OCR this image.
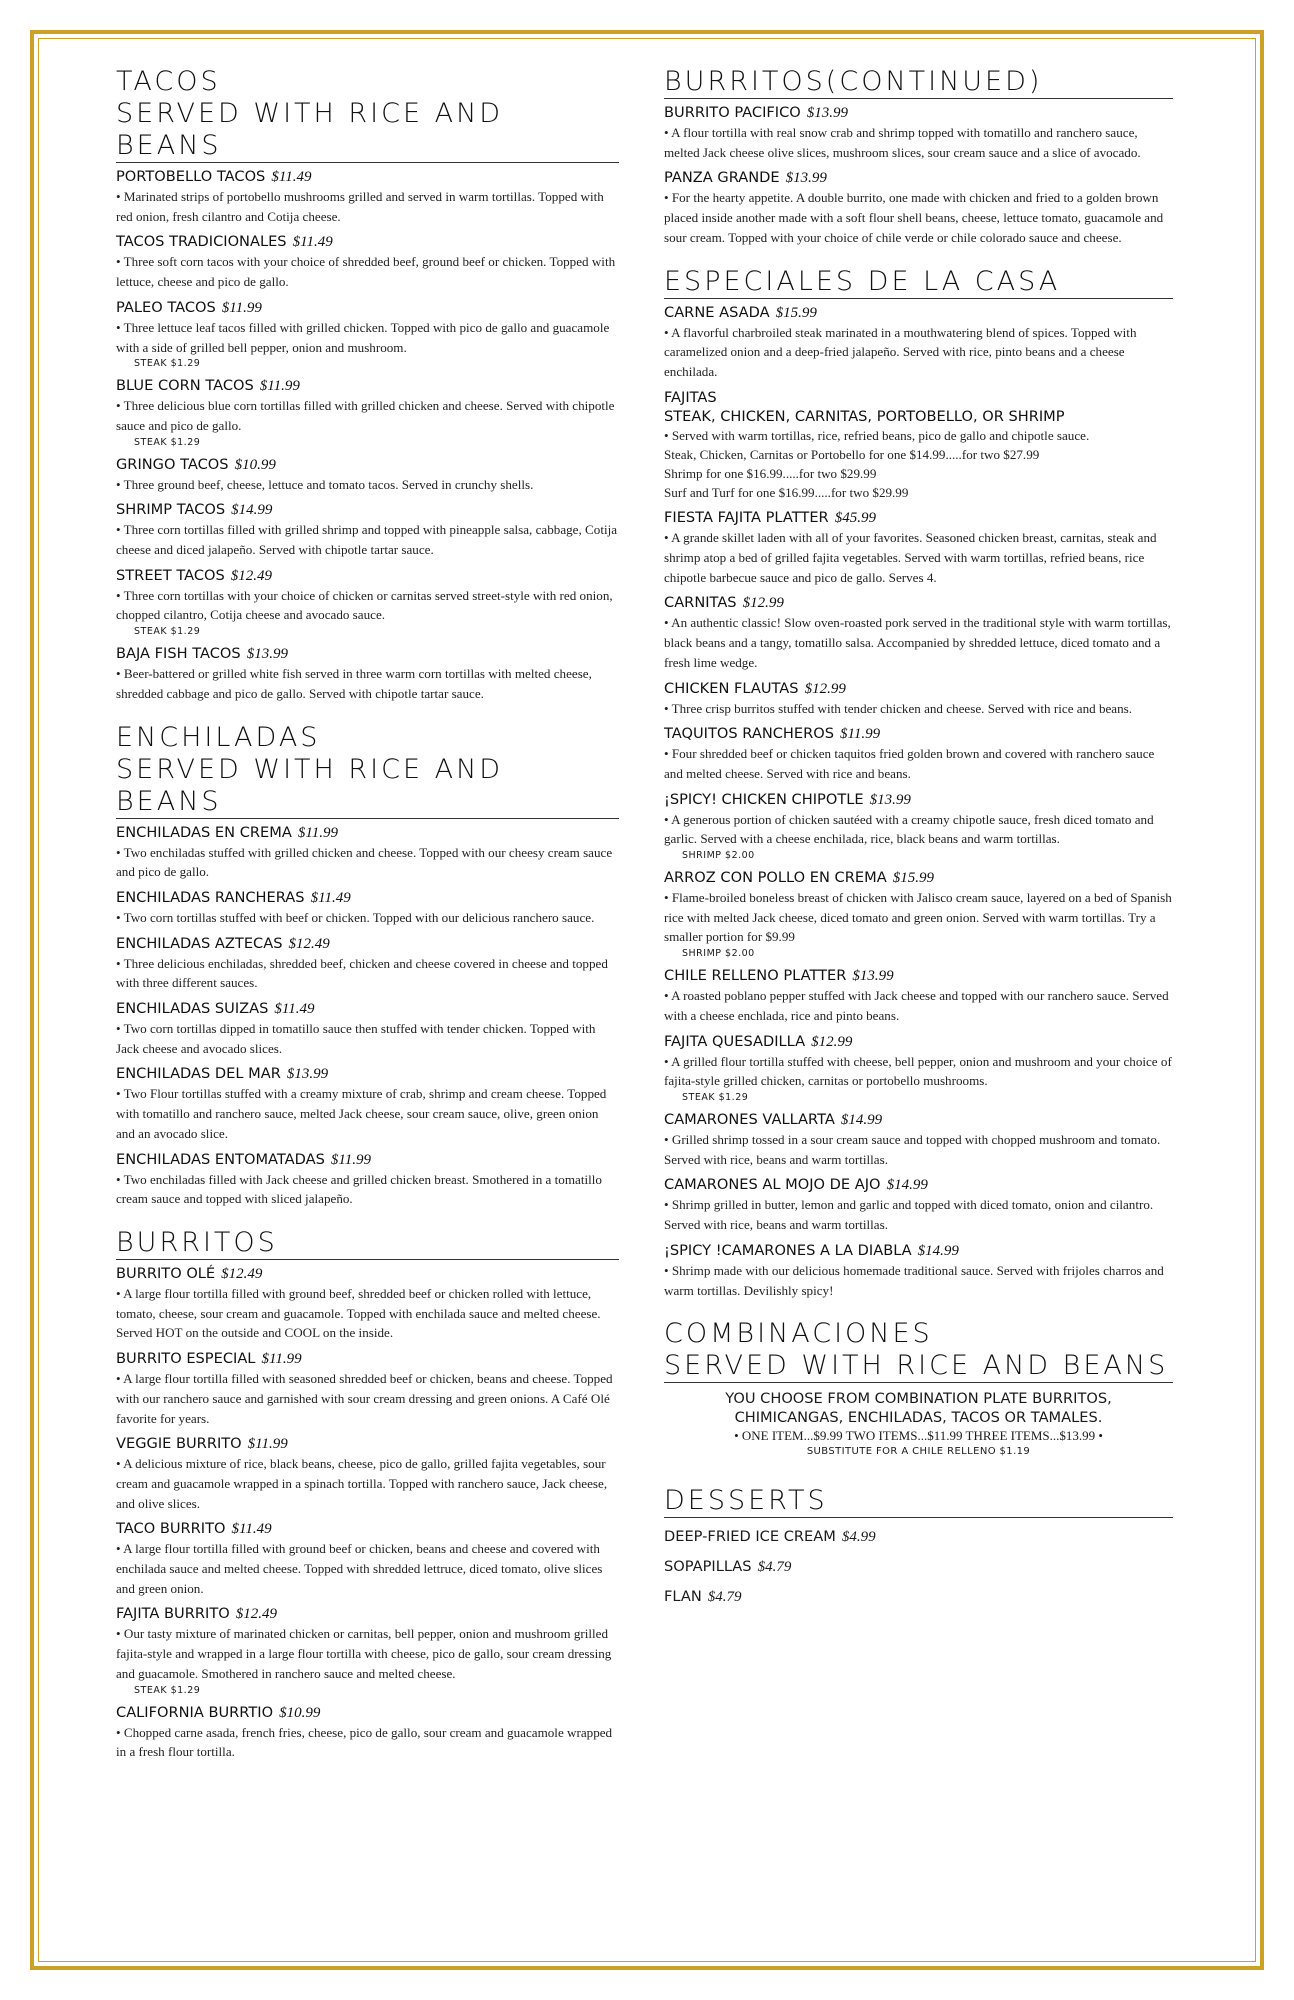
TACOS
SERVED WITH RICE AND BEANS
PORTOBELLO TACOS $11.49
• Marinated strips of portobello mushrooms grilled and served in warm tortillas. Topped with red onion, fresh cilantro and Cotija cheese.
TACOS TRADICIONALES $11.49
• Three soft corn tacos with your choice of shredded beef, ground beef or chicken. Topped with lettuce, cheese and pico de gallo.
PALEO TACOS $11.99
• Three lettuce leaf tacos filled with grilled chicken. Topped with pico de gallo and guacamole with a side of grilled bell pepper, onion and mushroom.
STEAK $1.29
BLUE CORN TACOS $11.99
• Three delicious blue corn tortillas filled with grilled chicken and cheese. Served with chipotle sauce and pico de gallo.
STEAK $1.29
GRINGO TACOS $10.99
• Three ground beef, cheese, lettuce and tomato tacos. Served in crunchy shells.
SHRIMP TACOS $14.99
• Three corn tortillas filled with grilled shrimp and topped with pineapple salsa, cabbage, Cotija cheese and diced jalapeño. Served with chipotle tartar sauce.
STREET TACOS $12.49
• Three corn tortillas with your choice of chicken or carnitas served street-style with red onion, chopped cilantro, Cotija cheese and avocado sauce.
STEAK $1.29
BAJA FISH TACOS $13.99
• Beer-battered or grilled white fish served in three warm corn tortillas with melted cheese, shredded cabbage and pico de gallo. Served with chipotle tartar sauce.
ENCHILADAS
SERVED WITH RICE AND BEANS
ENCHILADAS EN CREMA $11.99
• Two enchiladas stuffed with grilled chicken and cheese. Topped with our cheesy cream sauce and pico de gallo.
ENCHILADAS RANCHERAS $11.49
• Two corn tortillas stuffed with beef or chicken. Topped with our delicious ranchero sauce.
ENCHILADAS AZTECAS $12.49
• Three delicious enchiladas, shredded beef, chicken and cheese covered in cheese and topped with three different sauces.
ENCHILADAS SUIZAS $11.49
• Two corn tortillas dipped in tomatillo sauce then stuffed with tender chicken. Topped with Jack cheese and avocado slices.
ENCHILADAS DEL MAR $13.99
• Two Flour tortillas stuffed with a creamy mixture of crab, shrimp and cream cheese. Topped with tomatillo and ranchero sauce, melted Jack cheese, sour cream sauce, olive, green onion and an avocado slice.
ENCHILADAS ENTOMATADAS $11.99
• Two enchiladas filled with Jack cheese and grilled chicken breast. Smothered in a tomatillo cream sauce and topped with sliced jalapeño.
BURRITOS
BURRITO OLÉ $12.49
• A large flour tortilla filled with ground beef, shredded beef or chicken rolled with lettuce, tomato, cheese, sour cream and guacamole. Topped with enchilada sauce and melted cheese. Served HOT on the outside and COOL on the inside.
BURRITO ESPECIAL $11.99
• A large flour tortilla filled with seasoned shredded beef or chicken, beans and cheese. Topped with our ranchero sauce and garnished with sour cream dressing and green onions. A Café Olé favorite for years.
VEGGIE BURRITO $11.99
• A delicious mixture of rice, black beans, cheese, pico de gallo, grilled fajita vegetables, sour cream and guacamole wrapped in a spinach tortilla. Topped with ranchero sauce, Jack cheese, and olive slices.
TACO BURRITO $11.49
• A large flour tortilla filled with ground beef or chicken, beans and cheese and covered with enchilada sauce and melted cheese. Topped with shredded lettruce, diced tomato, olive slices and green onion.
FAJITA BURRITO $12.49
• Our tasty mixture of marinated chicken or carnitas, bell pepper, onion and mushroom grilled fajita-style and wrapped in a large flour tortilla with cheese, pico de gallo, sour cream dressing and guacamole. Smothered in ranchero sauce and melted cheese.
STEAK $1.29
CALIFORNIA BURRTIO $10.99
• Chopped carne asada, french fries, cheese, pico de gallo, sour cream and guacamole wrapped in a fresh flour tortilla.
BURRITOS(CONTINUED)
BURRITO PACIFICO $13.99
• A flour tortilla with real snow crab and shrimp topped with tomatillo and ranchero sauce, melted Jack cheese olive slices, mushroom slices, sour cream sauce and a slice of avocado.
PANZA GRANDE $13.99
• For the hearty appetite. A double burrito, one made with chicken and fried to a golden brown placed inside another made with a soft flour shell beans, cheese, lettuce tomato, guacamole and sour cream. Topped with your choice of chile verde or chile colorado sauce and cheese.
ESPECIALES DE LA CASA
CARNE ASADA $15.99
• A flavorful charbroiled steak marinated in a mouthwatering blend of spices. Topped with caramelized onion and a deep-fried jalapeño. Served with rice, pinto beans and a cheese enchilada.
FAJITAS
STEAK, CHICKEN, CARNITAS, PORTOBELLO, OR SHRIMP
• Served with warm tortillas, rice, refried beans, pico de gallo and chipotle sauce.
Steak, Chicken, Carnitas or Portobello for one $14.99.....for two $27.99
Shrimp for one $16.99.....for two $29.99
Surf and Turf for one $16.99.....for two $29.99
FIESTA FAJITA PLATTER $45.99
• A grande skillet laden with all of your favorites. Seasoned chicken breast, carnitas, steak and shrimp atop a bed of grilled fajita vegetables. Served with warm tortillas, refried beans, rice chipotle barbecue sauce and pico de gallo. Serves 4.
CARNITAS $12.99
• An authentic classic! Slow oven-roasted pork served in the traditional style with warm tortillas, black beans and a tangy, tomatillo salsa. Accompanied by shredded lettuce, diced tomato and a fresh lime wedge.
CHICKEN FLAUTAS $12.99
• Three crisp burritos stuffed with tender chicken and cheese. Served with rice and beans.
TAQUITOS RANCHEROS $11.99
• Four shredded beef or chicken taquitos fried golden brown and covered with ranchero sauce and melted cheese. Served with rice and beans.
¡SPICY! CHICKEN CHIPOTLE $13.99
• A generous portion of chicken sautéed with a creamy chipotle sauce, fresh diced tomato and garlic. Served with a cheese enchilada, rice, black beans and warm tortillas.
SHRIMP $2.00
ARROZ CON POLLO EN CREMA $15.99
• Flame-broiled boneless breast of chicken with Jalisco cream sauce, layered on a bed of Spanish rice with melted Jack cheese, diced tomato and green onion. Served with warm tortillas. Try a smaller portion for $9.99
SHRIMP $2.00
CHILE RELLENO PLATTER $13.99
• A roasted poblano pepper stuffed with Jack cheese and topped with our ranchero sauce. Served with a cheese enchlada, rice and pinto beans.
FAJITA QUESADILLA $12.99
• A grilled flour tortilla stuffed with cheese, bell pepper, onion and mushroom and your choice of fajita-style grilled chicken, carnitas or portobello mushrooms.
STEAK $1.29
CAMARONES VALLARTA $14.99
• Grilled shrimp tossed in a sour cream sauce and topped with chopped mushroom and tomato. Served with rice, beans and warm tortillas.
CAMARONES AL MOJO DE AJO $14.99
• Shrimp grilled in butter, lemon and garlic and topped with diced tomato, onion and cilantro. Served with rice, beans and warm tortillas.
¡SPICY !CAMARONES A LA DIABLA $14.99
• Shrimp made with our delicious homemade traditional sauce. Served with frijoles charros and warm tortillas. Devilishly spicy!
COMBINACIONES
SERVED WITH RICE AND BEANS
YOU CHOOSE FROM COMBINATION PLATE BURRITOS,
CHIMICANGAS, ENCHILADAS, TACOS OR TAMALES.
• ONE ITEM...$9.99 TWO ITEMS...$11.99 THREE ITEMS...$13.99 •
SUBSTITUTE FOR A CHILE RELLENO $1.19
DESSERTS
DEEP-FRIED ICE CREAM $4.99
SOPAPILLAS $4.79
FLAN $4.79
